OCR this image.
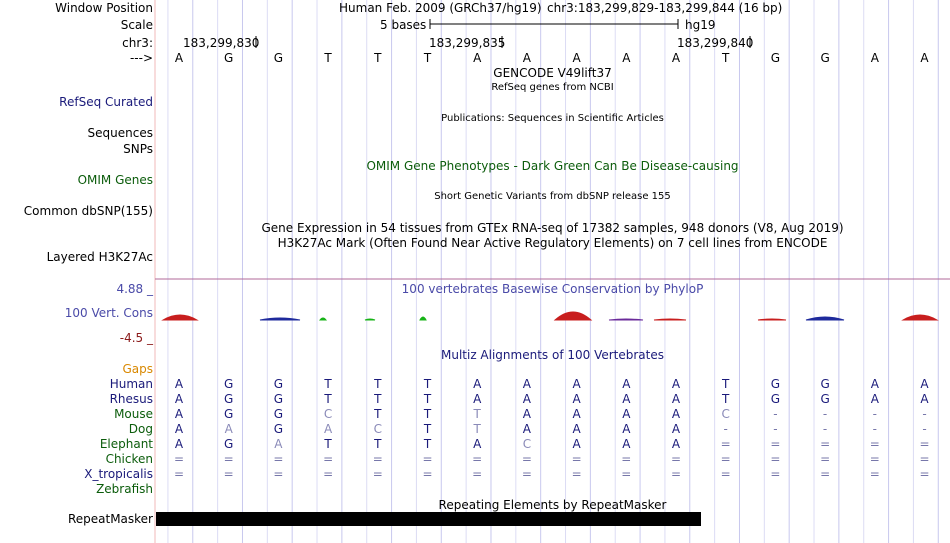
Window Position	Human Feb. 2009 (GRCh37/hg19) chr3:183,299,829-183,299,844 (16 bp)
Scale	5 bases	hg19
chr3:	183,299,830	183,299,835	183,299,840
--->	A	G	G	T	T	T	A	A	A	A	A	T	G	G	A	A
GENCODE V49lift37
RefSeq genes from NCBI
RefSeq Curated
Publications: Sequences in Scientific Articles
Sequences
SNPs
OMIM Gene Phenotypes - Dark Green Can Be Disease-causing
OMIM Genes
Short Genetic Variants from dbSNP release 155
Common dbSNP(155)
Gene Expression in 54 tissues from GTEx RNA-seq of 17382 samples, 948 donors (V8, Aug 2019)
H3K27Ac Mark (Often Found Near Active Regulatory Elements) on 7 cell lines from ENCODE
Layered H3K27Ac
4.88 _	100 vertebrates Basewise Conservation by PhyloP
100 Vert. Cons
-4.5 _
Multiz Alignments of 100 Vertebrates
Gaps
Human	A	G	G	T	T	T	A	A	A	A	A	T	G	G	A	A
Rhesus	A	G	G	T	T	T	A	A	A	A	A	T	G	G	A	A
Mouse	A	G	G	C	T	T	T	A	A	A	A	C	-	-	-	-
Dog	A	A	G	A	C	T	T	A	A	A	A	-	-	-	-	-
Elephant	A	G	A	T	T	T	A	C	A	A	A	=	=	=	=	=
Chicken	=	=	=	=	=	=	=	=	=	=	=	=	=	=	=	=
X_tropicalis	=	=	=	=	=	=	=	=	=	=	=	=	=	=	=	=
Zebrafish
Repeating Elements by RepeatMasker
RepeatMasker
